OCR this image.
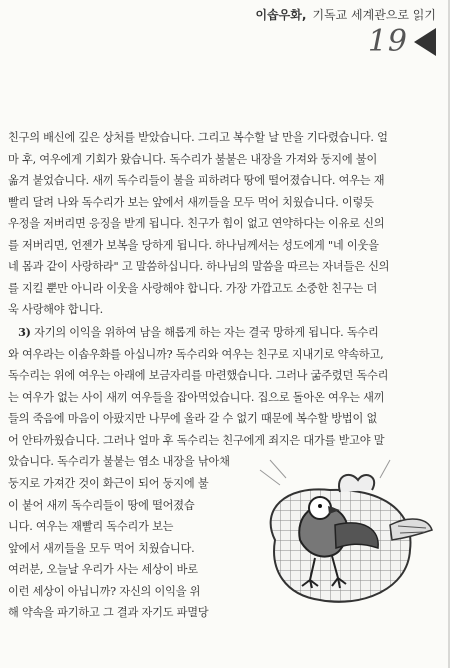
이솝우화, 기독교 세계관으로 읽기
19
친구의 배신에 깊은 상처를 받았습니다. 그리고 복수할 날 만을 기다렸습니다. 얼
마 후, 여우에게 기회가 왔습니다. 독수리가 불붙은 내장을 가져와 둥지에 불이
옮겨 붙었습니다. 새끼 독수리들이 불을 피하려다 땅에 떨어졌습니다. 여우는 재
빨리 달려 나와 독수리가 보는 앞에서 새끼들을 모두 먹어 치웠습니다. 이렇듯
우정을 저버리면 응징을 받게 됩니다. 친구가 힘이 없고 연약하다는 이유로 신의
를 저버리면, 언젠가 보복을 당하게 됩니다. 하나님께서는 성도에게 "네 이웃을
네 몸과 같이 사랑하라" 고 말씀하십니다. 하나님의 말씀을 따르는 자녀들은 신의
를 지킬 뿐만 아니라 이웃을 사랑해야 합니다. 가장 가깝고도 소중한 친구는 더
욱 사랑해야 합니다.
3) 자기의 이익을 위하여 남을 해롭게 하는 자는 결국 망하게 됩니다. 독수리
와 여우라는 이솝우화를 아십니까? 독수리와 여우는 친구로 지내기로 약속하고,
독수리는 위에 여우는 아래에 보금자리를 마련했습니다. 그러나 굶주렸던 독수리
는 여우가 없는 사이 새끼 여우들을 잡아먹었습니다. 집으로 돌아온 여우는 새끼
들의 죽음에 마음이 아팠지만 나무에 올라 갈 수 없기 때문에 복수할 방법이 없
어 안타까웠습니다. 그러나 얼마 후 독수리는 친구에게 죄지은 대가를 받고야 말
았습니다. 독수리가 불붙는 염소 내장을 낚아채
둥지로 가져간 것이 화근이 되어 둥지에 불
이 붙어 새끼 독수리들이 땅에 떨어졌습
니다. 여우는 재빨리 독수리가 보는
앞에서 새끼들을 모두 먹어 치웠습니다.
여러분, 오늘날 우리가 사는 세상이 바로
이런 세상이 아닙니까? 자신의 이익을 위
해 약속을 파기하고 그 결과 자기도 파멸당
